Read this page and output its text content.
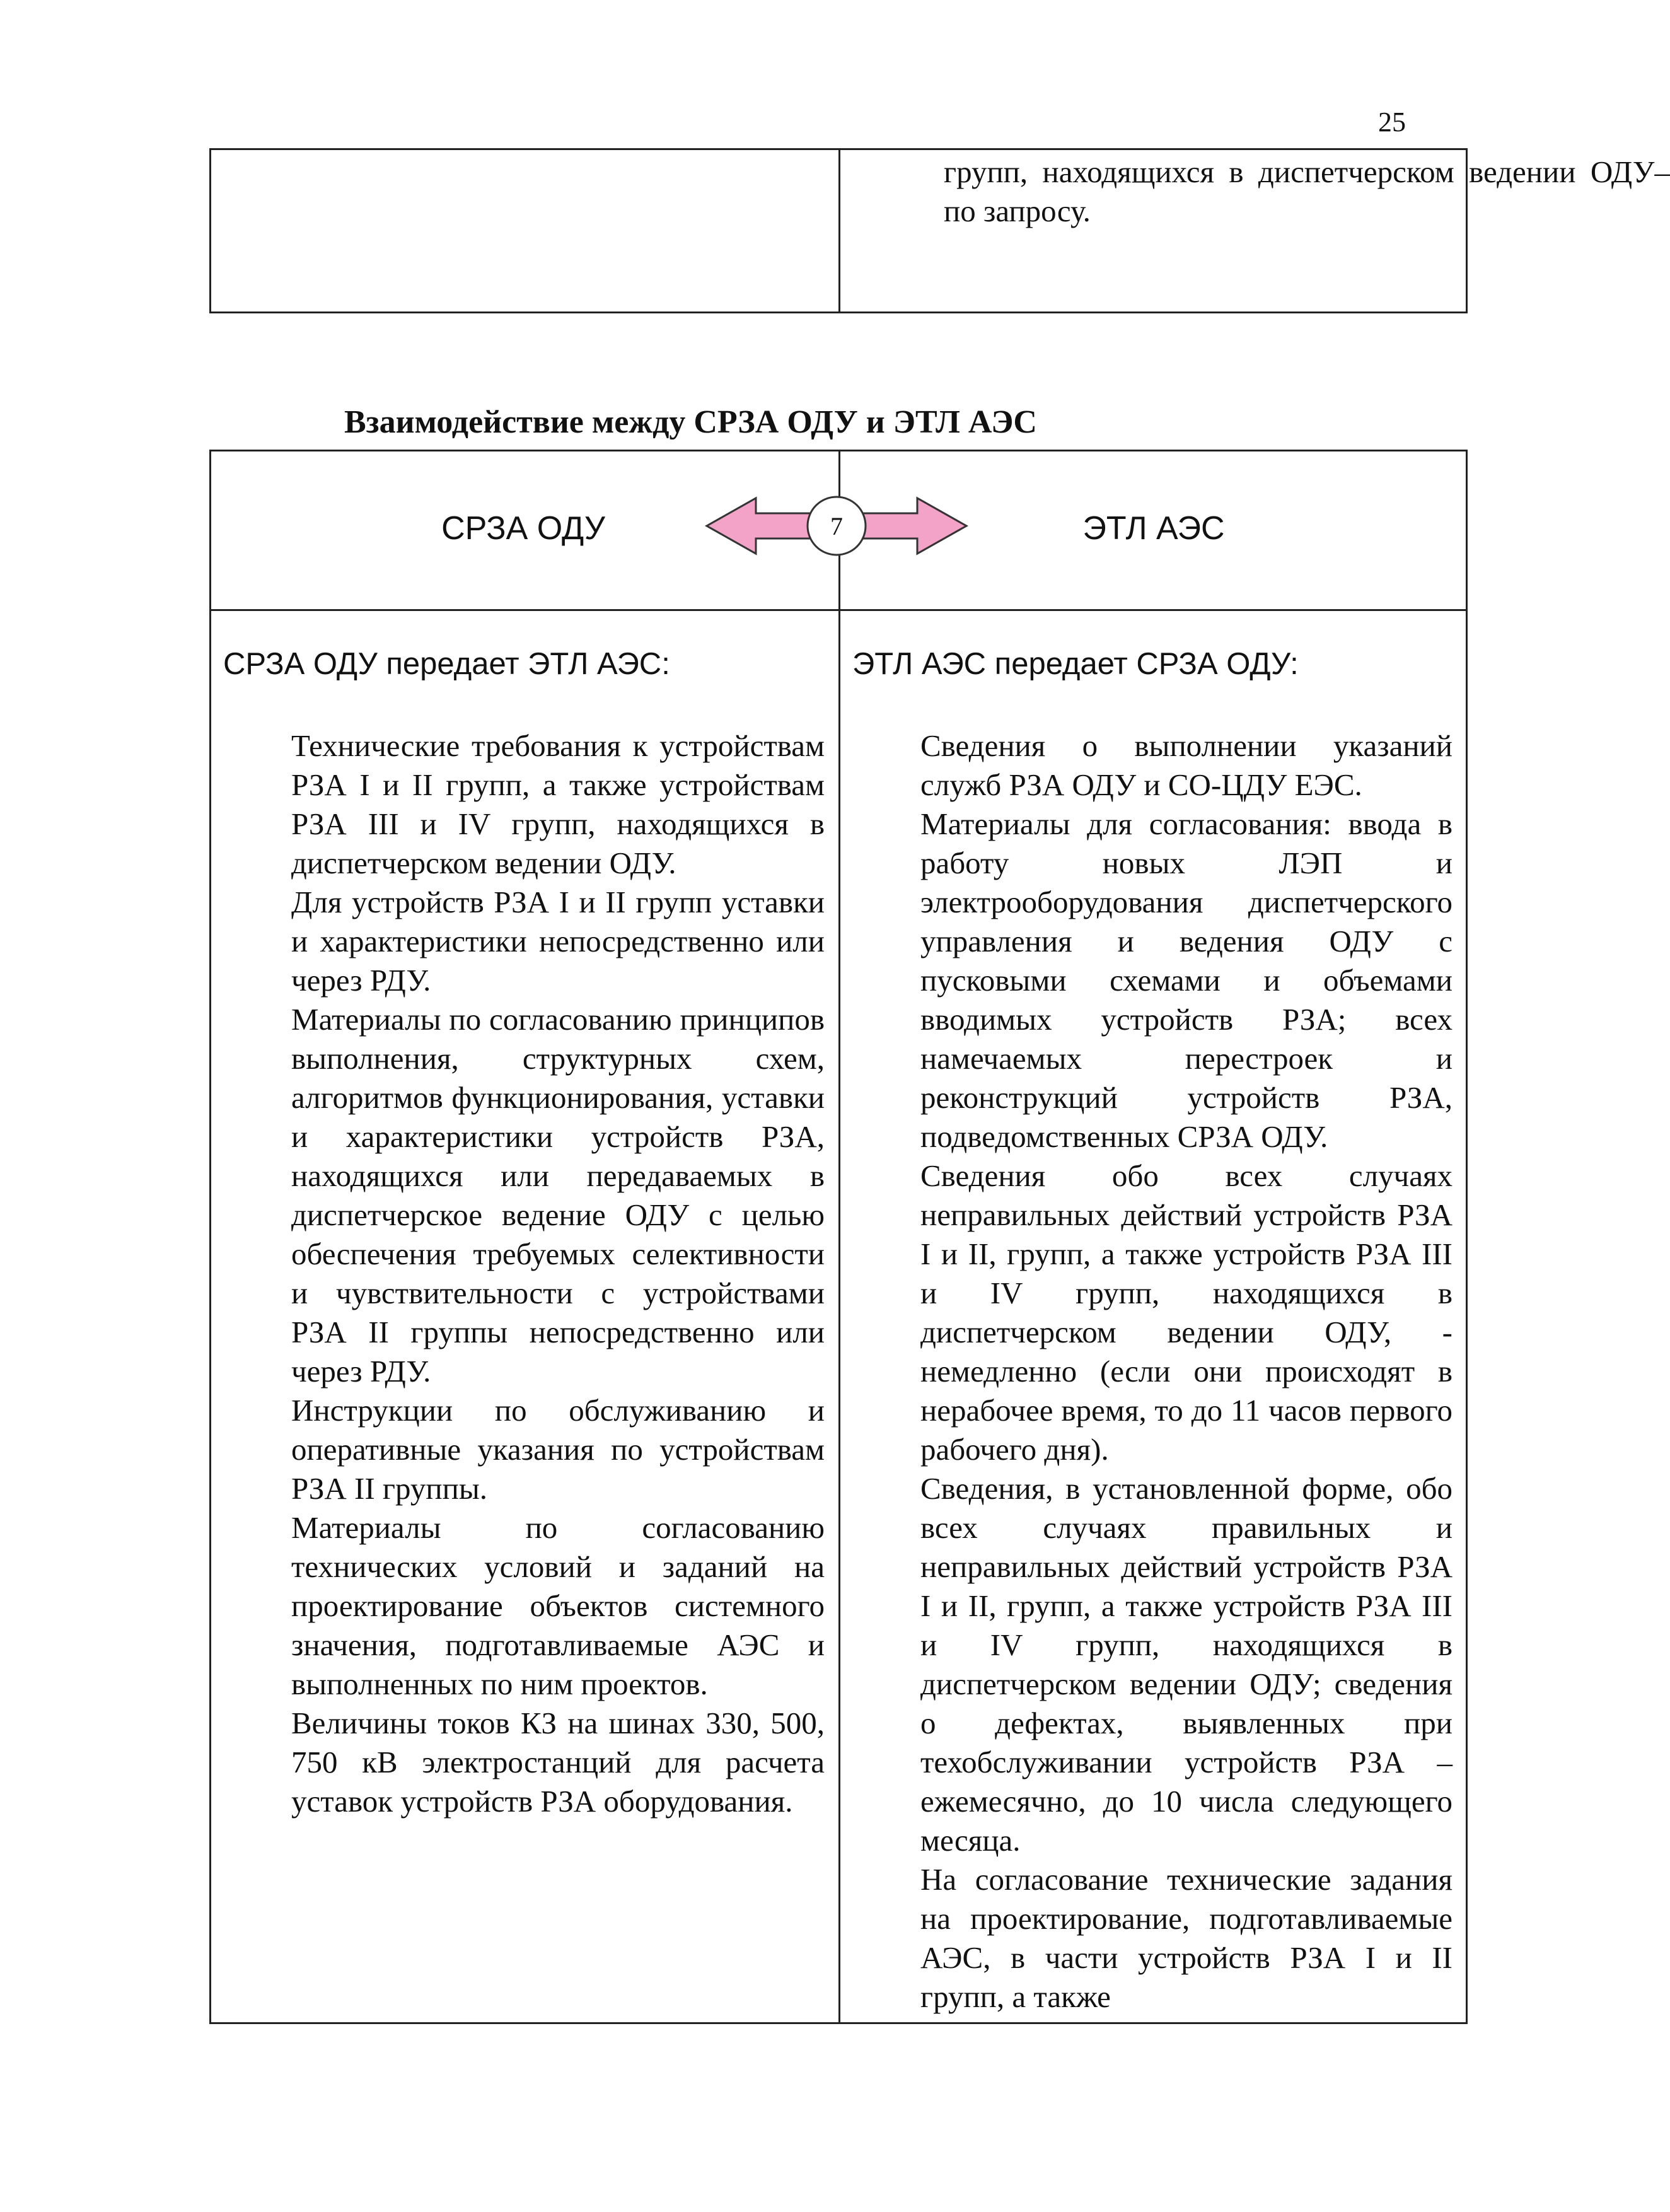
25

групп, находящихся в диспетчерском ведении ОДУ– по запросу.

Взаимодействие между СРЗА ОДУ и ЭТЛ АЭС
СРЗА ОДУ	ЭТЛ АЭС
7
СРЗА ОДУ передает ЭТЛ АЭС:	ЭТЛ АЭС передает СРЗА ОДУ:

Технические требования к устройствам РЗА I и II групп, а также устройствам РЗА III и IV групп, находящихся в диспетчерском ведении ОДУ.

Для устройств РЗА I и II групп уставки и характеристики непосредственно или через РДУ.

Материалы по согласованию принципов выполнения, структурных схем, алгоритмов функционирования, уставки и характеристики устройств РЗА, находящихся или передаваемых в диспетчерское ведение ОДУ с целью обеспечения требуемых селективности и чувствительности с устройствами РЗА II группы непосредственно или через РДУ.

Инструкции по обслуживанию и оперативные указания по устройствам РЗА II группы.

Материалы по согласованию технических условий и заданий на проектирование объектов системного значения, подготавливаемые АЭС и выполненных по ним проектов.

Величины токов КЗ на шинах 330, 500, 750 кВ электростанций для расчета уставок устройств РЗА оборудования.

Сведения о выполнении указаний служб РЗА ОДУ и СО-ЦДУ ЕЭС.

Материалы для согласования: ввода в работу новых ЛЭП и электрооборудования диспетчерского управления и ведения ОДУ с пусковыми схемами и объемами вводимых устройств РЗА; всех намечаемых перестроек и реконструкций устройств РЗА, подведомственных СРЗА ОДУ.

Сведения обо всех случаях неправильных действий устройств РЗА I и II, групп, а также устройств РЗА III и IV групп, находящихся в диспетчерском ведении ОДУ, - немедленно (если они происходят в нерабочее время, то до 11 часов первого рабочего дня).

Сведения, в установленной форме, обо всех случаях правильных и неправильных действий устройств РЗА I и II, групп, а также устройств РЗА III и IV групп, находящихся в диспетчерском ведении ОДУ; сведения о дефектах, выявленных при техобслуживании устройств РЗА – ежемесячно, до 10 числа следующего месяца.

На согласование технические задания на проектирование, подготавливаемые АЭС, в части устройств РЗА I и II групп, а также
